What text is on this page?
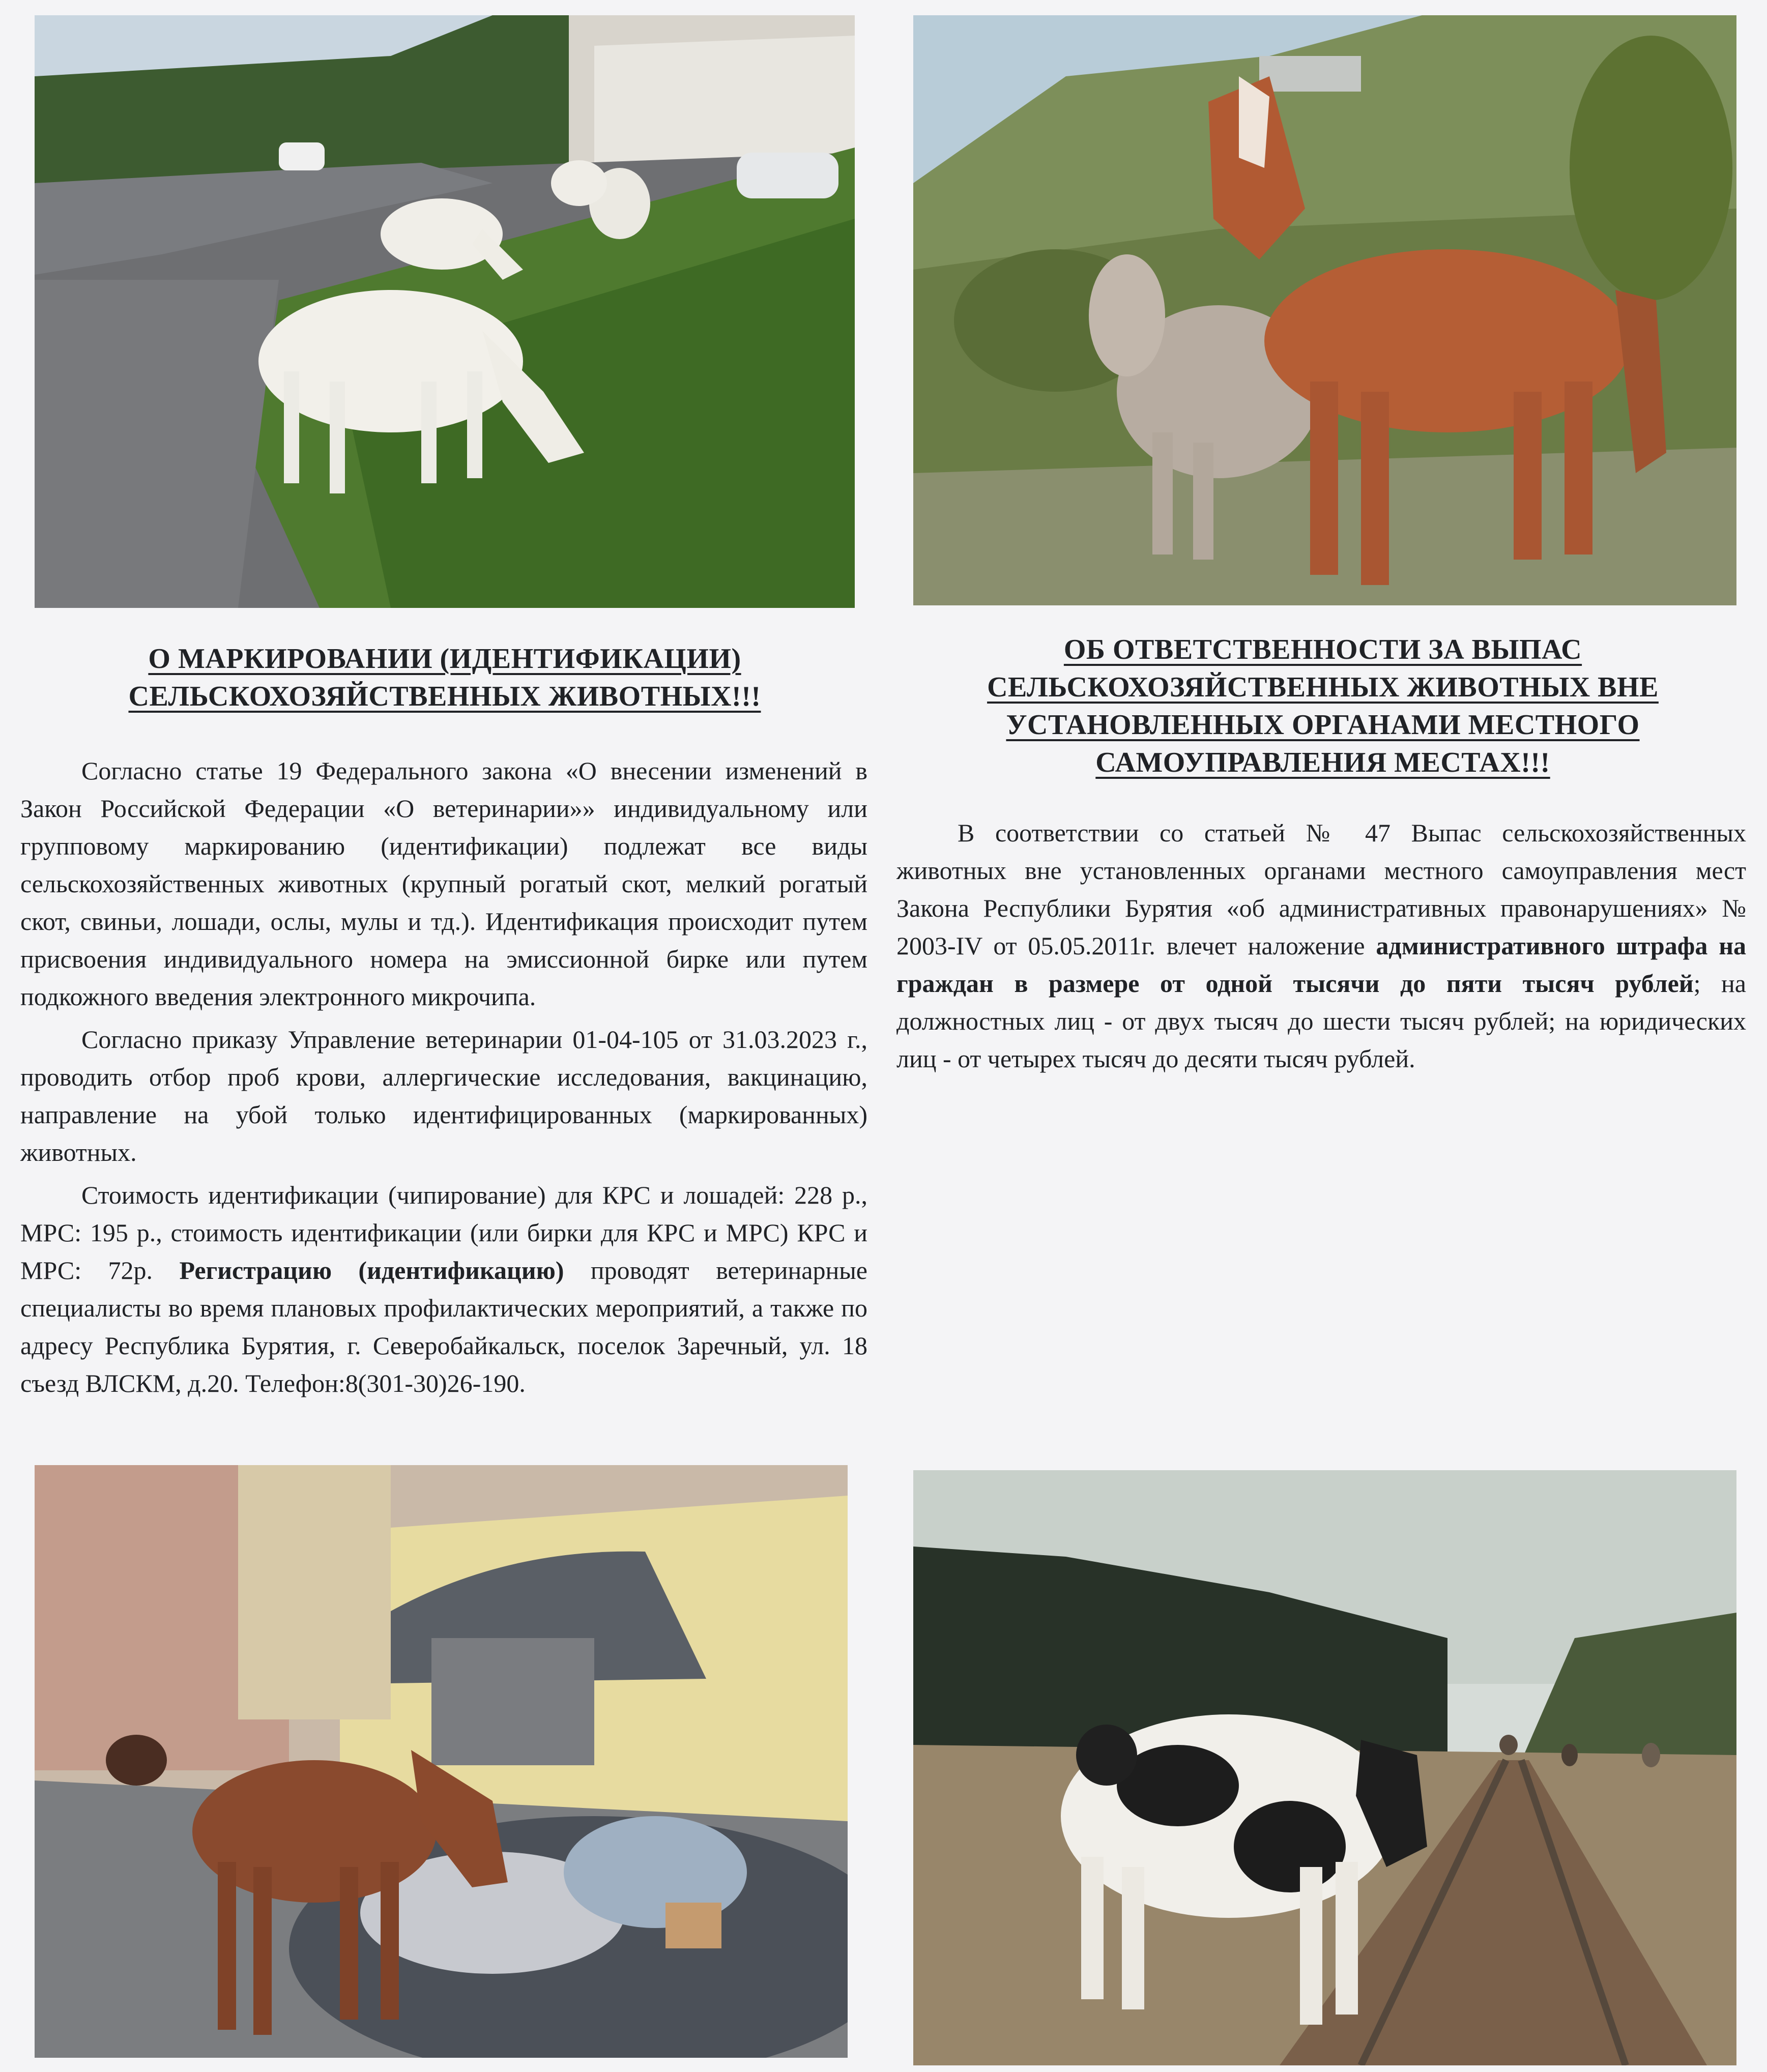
О МАРКИРОВАНИИ (ИДЕНТИФИКАЦИИ)
СЕЛЬСКОХОЗЯЙСТВЕННЫХ ЖИВОТНЫХ!!!

Согласно статье 19 Федерального закона «О внесении изменений в Закон Российской Федерации «О ветеринарии»» индивидуальному или групповому маркированию (идентификации) подлежат все виды сельскохозяйственных животных (крупный рогатый скот, мелкий рогатый скот, свиньи, лошади, ослы, мулы и тд.). Идентификация происходит путем присвоения индивидуального номера на эмиссионной бирке или путем подкожного введения электронного микрочипа.

Согласно приказу Управление ветеринарии 01-04-105 от 31.03.2023 г., проводить отбор проб крови, аллергические исследования, вакцинацию, направление на убой только идентифицированных (маркированных) животных.

Стоимость идентификации (чипирование) для КРС и лошадей: 228 р., МРС: 195 р., стоимость идентификации (или бирки для КРС и МРС) КРС и МРС: 72р. Регистрацию (идентификацию) проводят ветеринарные специалисты во время плановых профилактических мероприятий, а также по адресу Республика Бурятия, г. Северобайкальск, поселок Заречный, ул. 18 съезд ВЛСКМ, д.20. Телефон:8(301-30)26-190.

ОБ ОТВЕТСТВЕННОСТИ ЗА ВЫПАС
СЕЛЬСКОХОЗЯЙСТВЕННЫХ ЖИВОТНЫХ ВНЕ
УСТАНОВЛЕННЫХ ОРГАНАМИ МЕСТНОГО
САМОУПРАВЛЕНИЯ МЕСТАХ!!!

В соответствии со статьей № 47 Выпас сельскохозяйственных животных вне установленных органами местного самоуправления мест Закона Республики Бурятия «об административных правонарушениях» № 2003-IV от 05.05.2011г. влечет наложение административного штрафа на граждан в размере от одной тысячи до пяти тысяч рублей; на должностных лиц - от двух тысяч до шести тысяч рублей; на юридических лиц - от четырех тысяч до десяти тысяч рублей.
